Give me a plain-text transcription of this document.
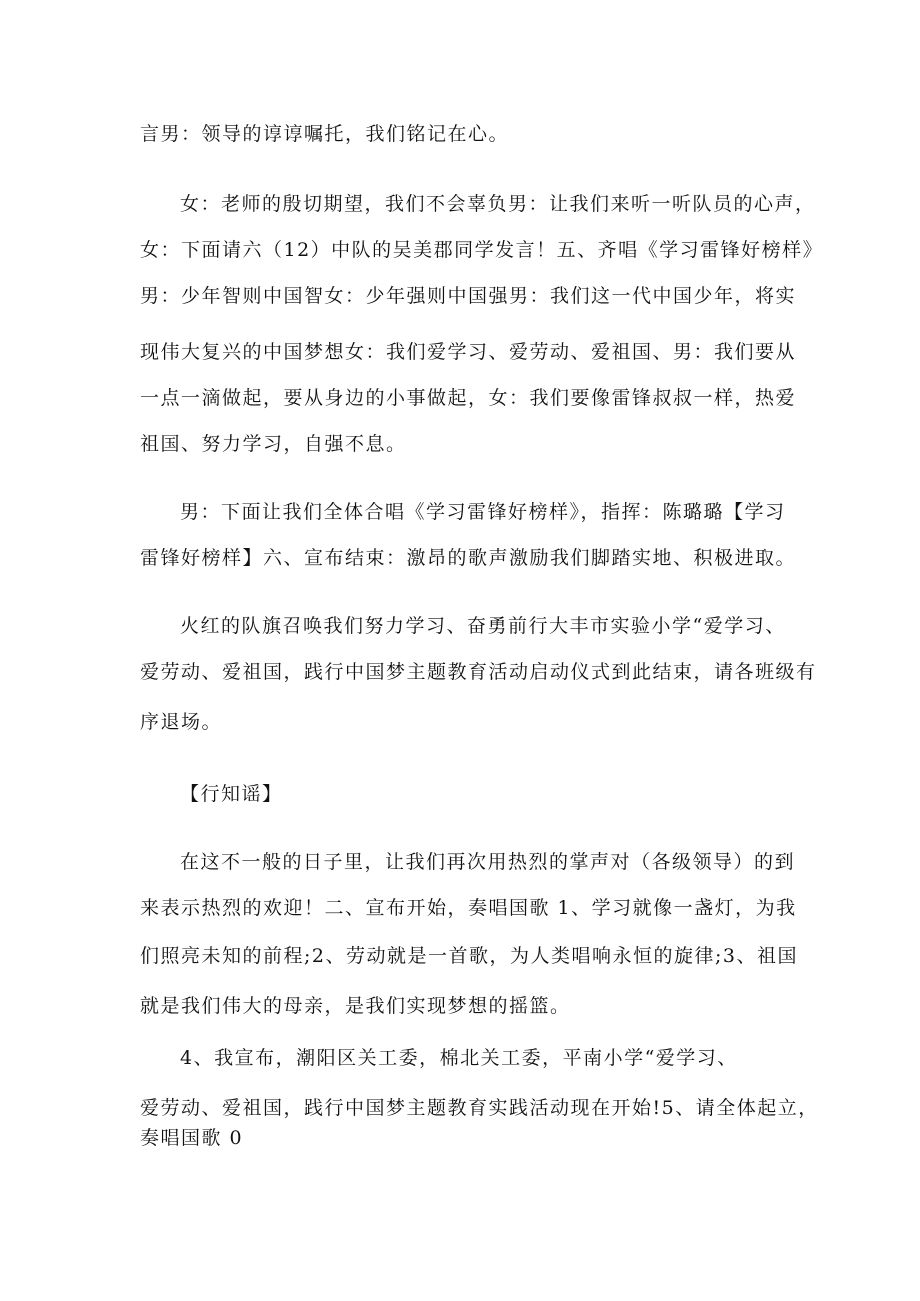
言男：领导的谆谆嘱托，我们铭记在心。
女：老师的殷切期望，我们不会辜负男：让我们来听一听队员的心声，
女：下面请六（12）中队的吴美郡同学发言！五、齐唱《学习雷锋好榜样》
男：少年智则中国智女：少年强则中国强男：我们这一代中国少年，将实
现伟大复兴的中国梦想女：我们爱学习、爱劳动、爱祖国、男：我们要从
一点一滴做起，要从身边的小事做起，女：我们要像雷锋叔叔一样，热爱
祖国、努力学习，自强不息。
男：下面让我们全体合唱《学习雷锋好榜样》，指挥：陈璐璐【学习
雷锋好榜样】六、宣布结束：激昂的歌声激励我们脚踏实地、积极进取。
火红的队旗召唤我们努力学习、奋勇前行大丰市实验小学“爱学习、
爱劳动、爱祖国，践行中国梦主题教育活动启动仪式到此结束，请各班级有
序退场。
【行知谣】
在这不一般的日子里，让我们再次用热烈的掌声对（各级领导）的到
来表示热烈的欢迎！二、宣布开始，奏唱国歌 1、学习就像一盏灯，为我
们照亮未知的前程;2、劳动就是一首歌，为人类唱响永恒的旋律;3、祖国
就是我们伟大的母亲，是我们实现梦想的摇篮。
4、我宣布，潮阳区关工委，棉北关工委，平南小学“爱学习、
爱劳动、爱祖国，践行中国梦主题教育实践活动现在开始!5、请全体起立，
奏唱国歌 0
